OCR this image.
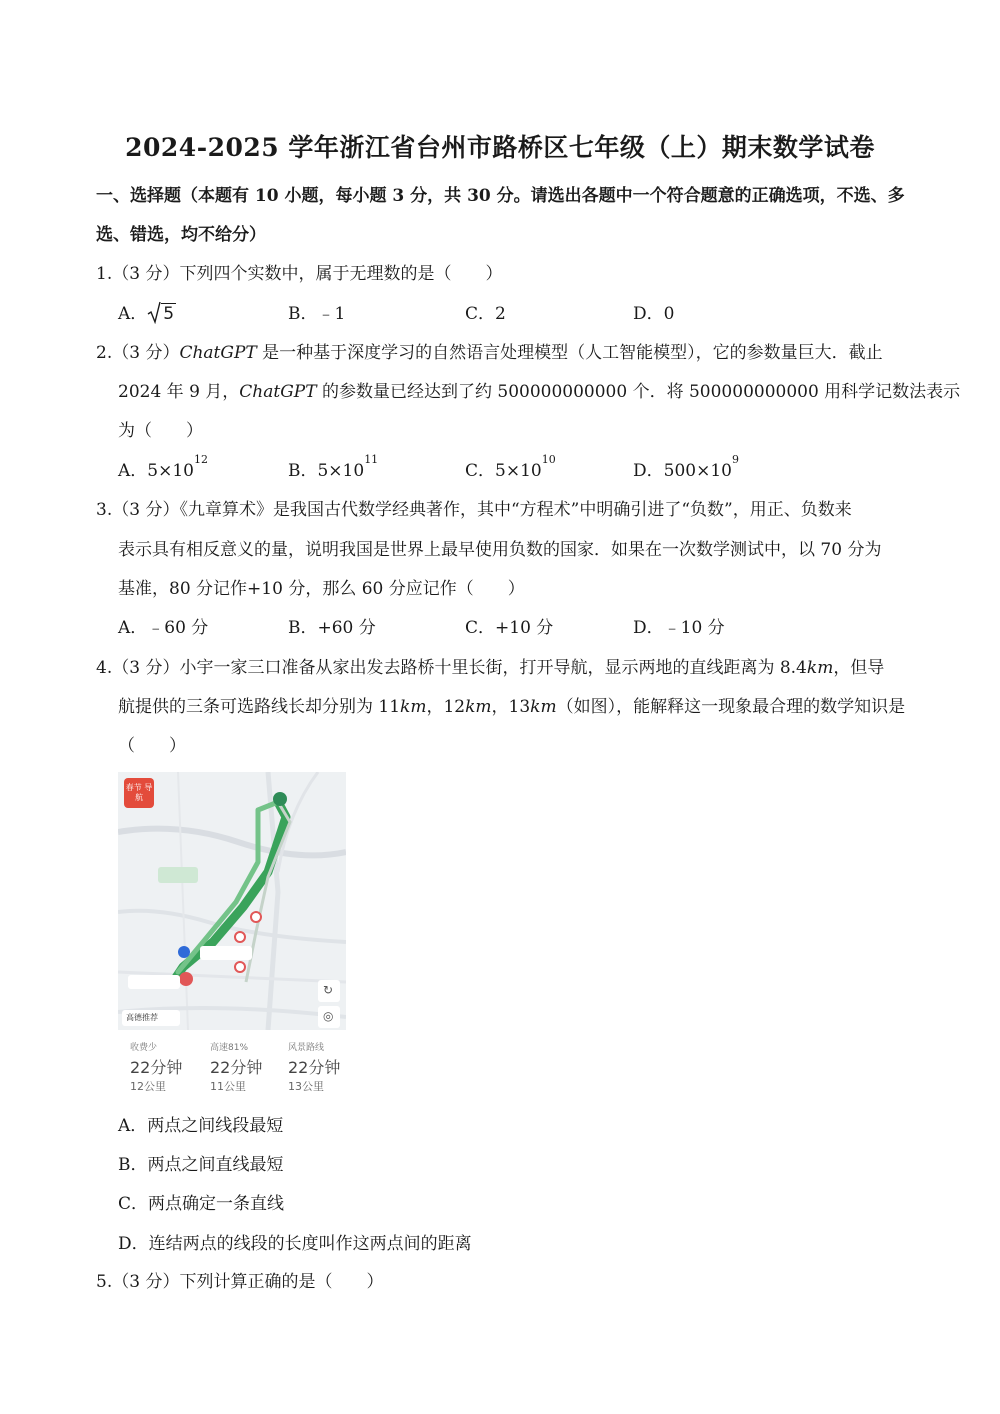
2024-2025 学年浙江省台州市路桥区七年级（上）期末数学试卷
一、选择题（本题有 10 小题，每小题 3 分，共 30 分。请选出各题中一个符合题意的正确选项，不选、多
选、错选，均不给分）
1.（3 分）下列四个实数中，属于无理数的是（　　）
A． 5	B．﹣1	C．2	D．0
2.（3 分）ChatGPT 是一种基于深度学习的自然语言处理模型（人工智能模型），它的参数量巨大．截止
2024 年 9 月，ChatGPT 的参数量已经达到了约 500000000000 个．将 500000000000 用科学记数法表示
为（　　）
A．$5\times 10^{12}$
B．$5\times 10^{11}$
C．$5\times 10^{10}$
D．$500\times 10^9$
3.（3 分）《九章算术》是我国古代数学经典著作，其中“方程术”中明确引进了“负数”，用正、负数来
表示具有相反意义的量，说明我国是世界上最早使用负数的国家．如果在一次数学测试中，以 70 分为
基准，80 分记作+10 分，那么 60 分应记作（　　）
A．﹣60 分	B．+60 分	C．+10 分	D．﹣10 分
4.（3 分）小宇一家三口准备从家出发去路桥十里长街，打开导航，显示两地的直线距离为 8.4km，但导
航提供的三条可选路线长却分别为 11km，12km，13km（如图），能解释这一现象最合理的数学知识是
（　　）
春节 导航
↻
◎
高德推荐
收费少
22分钟
12公里
高速81%
22分钟
11公里
风景路线
22分钟
13公里
A．两点之间线段最短
B．两点之间直线最短
C．两点确定一条直线
D．连结两点的线段的长度叫作这两点间的距离
5.（3 分）下列计算正确的是（　　）
